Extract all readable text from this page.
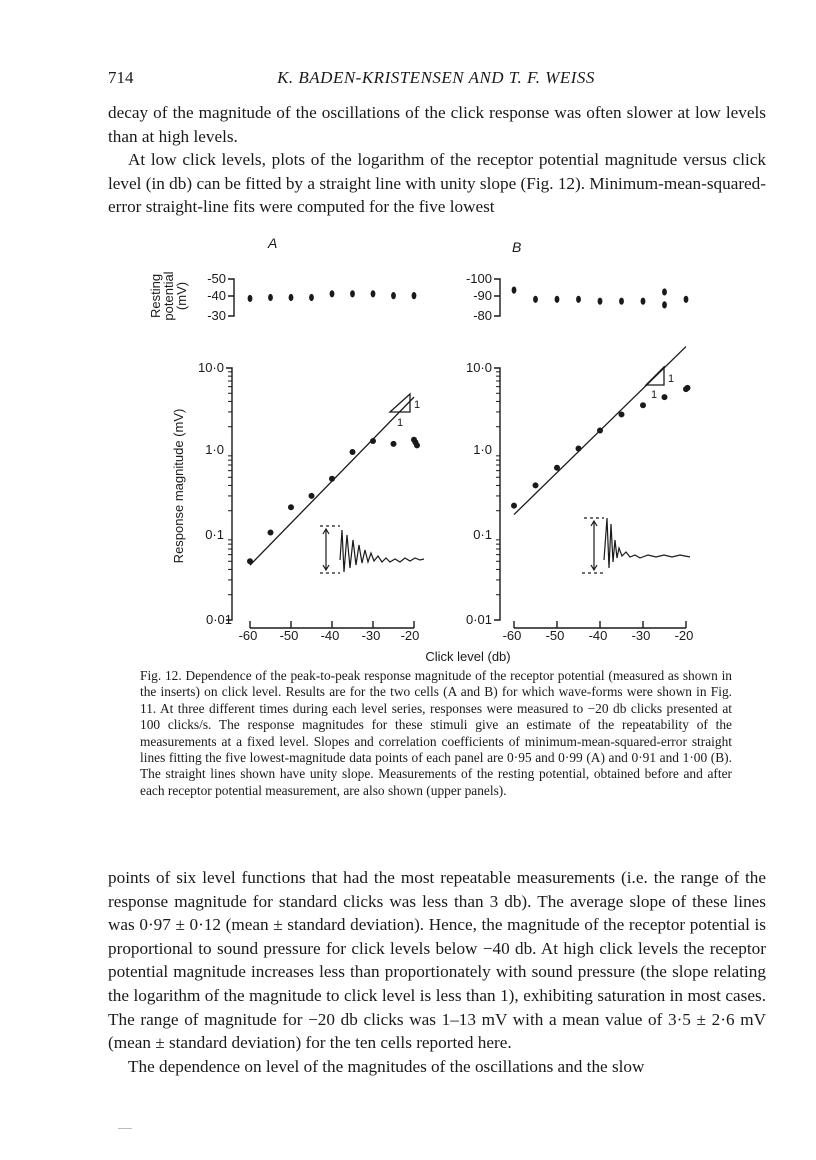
714	K. BADEN-KRISTENSEN AND T. F. WEISS

decay of the magnitude of the oscillations of the click response was often slower at low levels than at high levels.

At low click levels, plots of the logarithm of the receptor potential magnitude versus click level (in db) can be fitted by a straight line with unity slope (Fig. 12). Minimum-mean-squared-error straight-line fits were computed for the five lowest

A	B
Resting
potential
(mV)
-50
-40
-30
-100
-90
-80
Response magnitude (mV)
10·0
1·0
0·1
0·01
10·0
1·0
0·1
0·01
-60 -50 -40 -30 -20	-60 -50 -40 -30 -20
Click level (db)
1
1
1
1
Fig. 12. Dependence of the peak-to-peak response magnitude of the receptor potential (measured as shown in the inserts) on click level. Results are for the two cells (A and B) for which wave-forms were shown in Fig. 11. At three different times during each level series, responses were measured to −20 db clicks presented at 100 clicks/s. The response magnitudes for these stimuli give an estimate of the repeatability of the measurements at a fixed level. Slopes and correlation coefficients of minimum-mean-squared-error straight lines fitting the five lowest-magnitude data points of each panel are 0·95 and 0·99 (A) and 0·91 and 1·00 (B). The straight lines shown have unity slope. Measurements of the resting potential, obtained before and after each receptor potential measurement, are also shown (upper panels).

points of six level functions that had the most repeatable measurements (i.e. the range of the response magnitude for standard clicks was less than 3 db). The average slope of these lines was 0·97 ± 0·12 (mean ± standard deviation). Hence, the magnitude of the receptor potential is proportional to sound pressure for click levels below −40 db. At high click levels the receptor potential magnitude increases less than proportionately with sound pressure (the slope relating the logarithm of the magnitude to click level is less than 1), exhibiting saturation in most cases. The range of magnitude for −20 db clicks was 1–13 mV with a mean value of 3·5 ± 2·6 mV (mean ± standard deviation) for the ten cells reported here.

The dependence on level of the magnitudes of the oscillations and the slow
